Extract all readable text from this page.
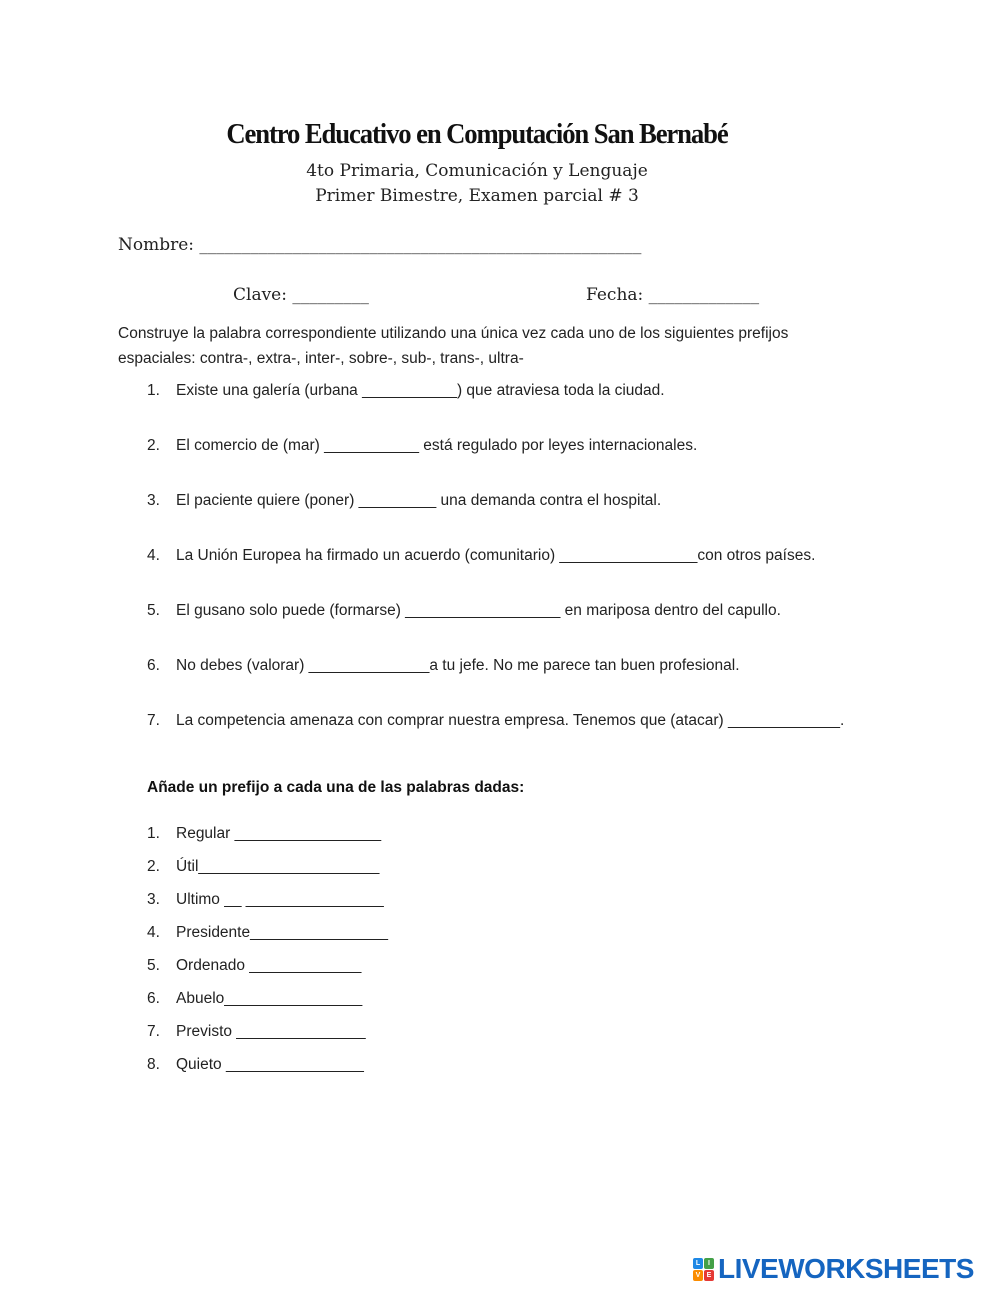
Centro Educativo en Computación San Bernabé
4to Primaria, Comunicación y Lenguaje
Primer Bimestre, Examen parcial # 3
Nombre: ____________________________________________________
Clave: _________	Fecha: _____________
Construye la palabra correspondiente utilizando una única vez cada uno de los siguientes prefijos espaciales: contra-, extra-, inter-, sobre-, sub-, trans-, ultra-
1. Existe una galería (urbana ___________) que atraviesa toda la ciudad.
2. El comercio de (mar) ___________ está regulado por leyes internacionales.
3. El paciente quiere (poner) _________ una demanda contra el hospital.
4. La Unión Europea ha firmado un acuerdo (comunitario) ________________con otros países.
5. El gusano solo puede (formarse) __________________ en mariposa dentro del capullo.
6. No debes (valorar) ______________a tu jefe. No me parece tan buen profesional.
7. La competencia amenaza con comprar nuestra empresa. Tenemos que (atacar) _____________.
Añade un prefijo a cada una de las palabras dadas:
1. Regular _________________
2. Útil_____________________
3. Ultimo __ ________________
4. Presidente________________
5. Ordenado _____________
6. Abuelo________________
7. Previsto _______________
8. Quieto ________________
L	I
V E LIVEWORKSHEETS
